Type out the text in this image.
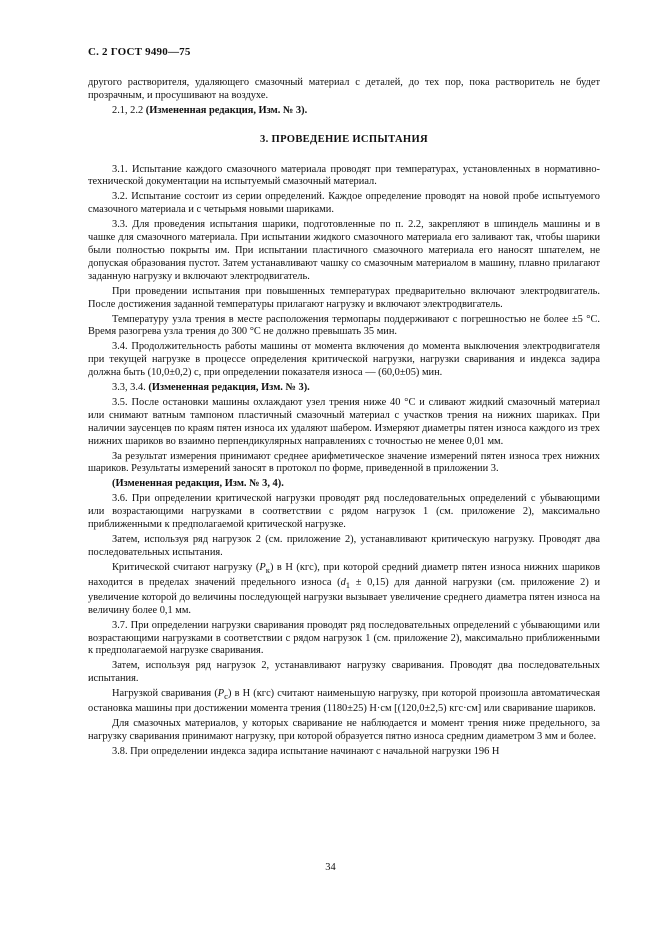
С. 2 ГОСТ 9490—75

другого растворителя, удаляющего смазочный материал с деталей, до тех пор, пока растворитель не будет прозрачным, и просушивают на воздухе.

2.1, 2.2 (Измененная редакция, Изм. № 3).

3. ПРОВЕДЕНИЕ ИСПЫТАНИЯ

3.1. Испытание каждого смазочного материала проводят при температурах, установленных в нормативно-технической документации на испытуемый смазочный материал.

3.2. Испытание состоит из серии определений. Каждое определение проводят на новой пробе испытуемого смазочного материала и с четырьмя новыми шариками.

3.3. Для проведения испытания шарики, подготовленные по п. 2.2, закрепляют в шпиндель машины и в чашке для смазочного материала. При испытании жидкого смазочного материала его заливают так, чтобы шарики были полностью покрыты им. При испытании пластичного смазочного материала его наносят шпателем, не допуская образования пустот. Затем устанавливают чашку со смазочным материалом в машину, плавно прилагают заданную нагрузку и включают электродвигатель.

При проведении испытания при повышенных температурах предварительно включают электродвигатель. После достижения заданной температуры прилагают нагрузку и включают электродвигатель.

Температуру узла трения в месте расположения термопары поддерживают с погрешностью не более ±5 °С. Время разогрева узла трения до 300 °С не должно превышать 35 мин.

3.4. Продолжительность работы машины от момента включения до момента выключения электродвигателя при текущей нагрузке в процессе определения критической нагрузки, нагрузки сваривания и индекса задира должна быть (10,0±0,2) с, при определении показателя износа — (60,0±05) мин.

3.3, 3.4. (Измененная редакция, Изм. № 3).

3.5. После остановки машины охлаждают узел трения ниже 40 °С и сливают жидкий смазочный материал или снимают ватным тампоном пластичный смазочный материал с участков трения на нижних шариках. При наличии заусенцев по краям пятен износа их удаляют шабером. Измеряют диаметры пятен износа каждого из трех нижних шариков во взаимно перпендикулярных направлениях с точностью не менее 0,01 мм.

За результат измерения принимают среднее арифметическое значение измерений пятен износа трех нижних шариков. Результаты измерений заносят в протокол по форме, приведенной в приложении 3.

(Измененная редакция, Изм. № 3, 4).

3.6. При определении критической нагрузки проводят ряд последовательных определений с убывающими или возрастающими нагрузками в соответствии с рядом нагрузок 1 (см. приложение 2), максимально приближенными к предполагаемой критической нагрузке.

Затем, используя ряд нагрузок 2 (см. приложение 2), устанавливают критическую нагрузку. Проводят два последовательных испытания.

Критической считают нагрузку $(P_к)$ в Н (кгс), при которой средний диаметр пятен износа нижних шариков находится в пределах значений предельного износа $(d_1 \pm 0,15)$ для данной нагрузки (см. приложение 2) и увеличение которой до величины последующей нагрузки вызывает увеличение среднего диаметра пятен износа на величину более 0,1 мм.

3.7. При определении нагрузки сваривания проводят ряд последовательных определений с убывающими или возрастающими нагрузками в соответствии с рядом нагрузок 1 (см. приложение 2), максимально приближенными к предполагаемой нагрузке сваривания.

Затем, используя ряд нагрузок 2, устанавливают нагрузку сваривания. Проводят два последовательных испытания.

Нагрузкой сваривания $(P_с)$ в Н (кгс) считают наименьшую нагрузку, при которой произошла автоматическая остановка машины при достижении момента трения (1180±25) Н·см [(120,0±2,5) кгс·см] или сваривание шариков.

Для смазочных материалов, у которых сваривание не наблюдается и момент трения ниже предельного, за нагрузку сваривания принимают нагрузку, при которой образуется пятно износа средним диаметром 3 мм и более.

3.8. При определении индекса задира испытание начинают с начальной нагрузки 196 Н

34
